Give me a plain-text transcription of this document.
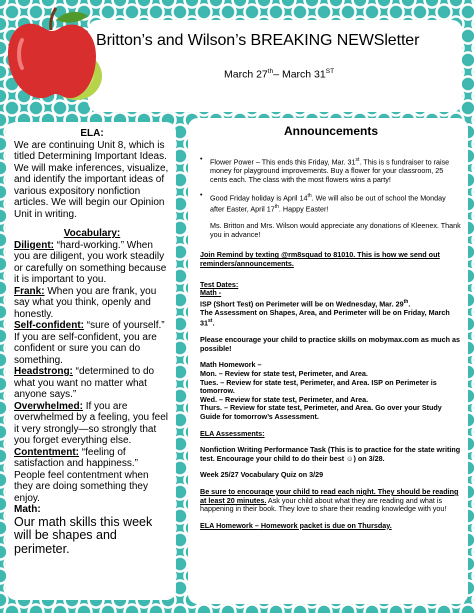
Britton’s and Wilson’s BREAKING NEWSletter
March 27th– March 31ST

ELA:

We are continuing Unit 8, which is titled Determining Important Ideas. We will make inferences, visualize, and identify the important ideas of various expository nonfiction articles. We will begin our Opinion Unit in writing.

Vocabulary:

Diligent: “hard-working.” When you are diligent, you work steadily or carefully on something because it is important to you.

Frank: When you are frank, you say what you think, openly and honestly.

Self-confident: “sure of yourself.” If you are self-confident, you are confident or sure you can do something.

Headstrong: “determined to do what you want no matter what anyone says.”

Overwhelmed: If you are overwhelmed by a feeling, you feel it very strongly—so strongly that you forget everything else.

Contentment: “feeling of satisfaction and happiness.” People feel contentment when they are doing something they enjoy.

Math:

Our math skills this week will be shapes and perimeter.

Announcements

•	Flower Power – This ends this Friday, Mar. 31st. This is s fundraiser to raise money for playground improvements. Buy a flower for your classroom, 25 cents each. The class with the most flowers wins a party!
•	Good Friday holiday is April 14th. We will also be out of school the Monday after Easter, April 17th. Happy Easter!

Ms. Britton and Mrs. Wilson would appreciate any donations of Kleenex. Thank you in advance!

Join Remind by texting @rm8squad to 81010. This is how we send out reminders/announcements.

Test Dates:

Math -

ISP (Short Test) on Perimeter will be on Wednesday, Mar. 29th.

The Assessment on Shapes, Area, and Perimeter will be on Friday, March 31st.

Please encourage your child to practice skills on mobymax.com as much as possible!

Math Homework –

Mon. – Review for state test, Perimeter, and Area.

Tues. – Review for state test, Perimeter, and Area. ISP on Perimeter is tomorrow.

Wed. – Review for state test, Perimeter, and Area.

Thurs. – Review for state test, Perimeter, and Area. Go over your Study Guide for tomorrow’s Assessment.

ELA Assessments:

Nonfiction Writing Performance Task (This is to practice for the state writing test. Encourage your child to do their best ☺) on 3/28.

Week 25/27 Vocabulary Quiz on 3/29

Be sure to encourage your child to read each night. They should be reading at least 20 minutes. Ask your child about what they are reading and what is happening in their book. They love to share their reading knowledge with you!

ELA Homework – Homework packet is due on Thursday.
